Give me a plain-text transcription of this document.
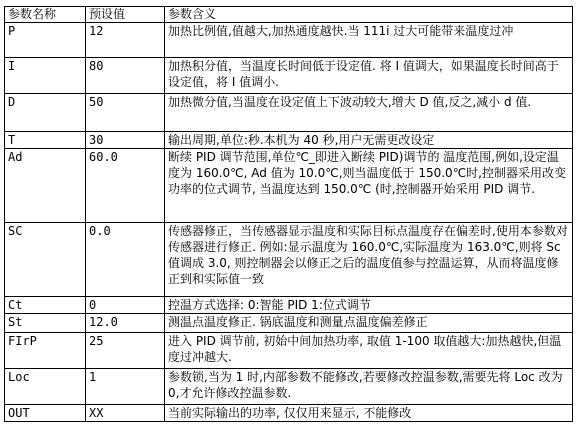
参数名称	预设值	参数含义
P	12	加热比例值,值越大,加热通度越快.当 111i 过大可能带来温度过冲
I	80	加热积分值，当温度长时间低于设定值. 将 I 值调大，如果温度长时间高于设定值，将 I 值调小.
D	50	加热微分值,当温度在设定值上下波动较大,增大 D 值,反之,减小 d 值.
T	30	输出周期,单位:秒.本机为 40 秒,用户无需更改设定
Ad	60.0	断续 PID 调节范围,单位℃_即进入断续 PID)调节的 温度范围,例如,设定温度为 160.0℃, Ad 值为 10.0℃,则当温度低于 150.0℃时,控制器采用改变功率的位式调节, 当温度达到 150.0℃ (时,控制器开始采用 PID 调节.
SC	0.0	传感器修正，当传感器显示温度和实际目标点温度存在偏差时,使用本参数对传感器进行修正. 例如:显示温度为 160.0℃,实际温度为 163.0℃,则将 Sc 值调成 3.0, 则控制器会以修正之后的温度值参与控温运算，从而将温度修正到和实际值一致
Ct	0	控温方式选择: 0:智能 PID 1:位式调节
St	12.0	测温点温度修正. 锅底温度和测量点温度偏差修正
FIrP	25	进入 PID 调节前, 初始中间加热功率, 取值 1-100 取值越大:加热越快,但温度过冲越大.
Loc	1	参数锁,当为 1 时,内部参数不能修改,若要修改控温参数,需要先将 Loc 改为 0,才允许修改控温参数.
OUT	XX	当前实际输出的功率, 仅仅用来显示, 不能修改
